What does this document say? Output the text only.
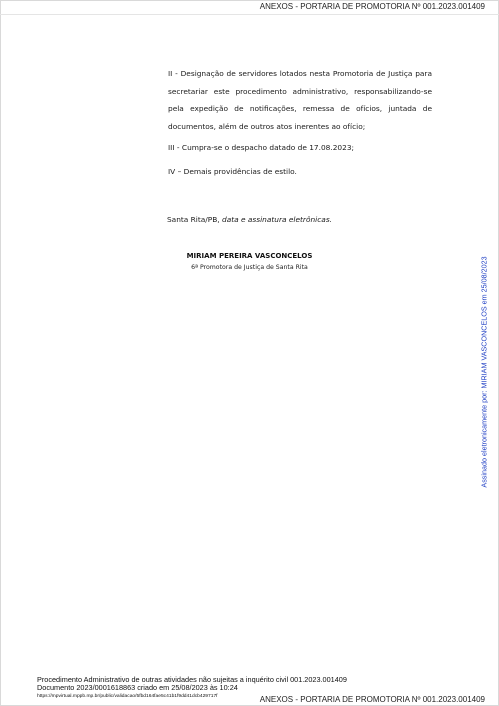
ANEXOS - PORTARIA DE PROMOTORIA Nº 001.2023.001409

II - Designação de servidores lotados nesta Promotoria de Justiça para secretariar este procedimento administrativo, responsabilizando-se pela expedição de notificações, remessa de ofícios, juntada de documentos, além de outros atos inerentes ao ofício;

III - Cumpra-se o despacho datado de 17.08.2023;

IV – Demais providências de estilo.

Santa Rita/PB, data e assinatura eletrônicas.
MIRIAM PEREIRA VASCONCELOS
6ª Promotora de Justiça de Santa Rita	Assinado eletronicamente por: MIRIAM VASCONCELOS em 25/08/2023
Procedimento Administrativo de outras atividades não sujeitas a inquérito civil 001.2023.001409
Documento 2023/0001618863 criado em 25/08/2023 às 10:24
https://mpvirtual.mppb.mp.br/public/validacao/5fbd164fae5c41b1f9dd41dcb429717f	ANEXOS - PORTARIA DE PROMOTORIA Nº 001.2023.001409
